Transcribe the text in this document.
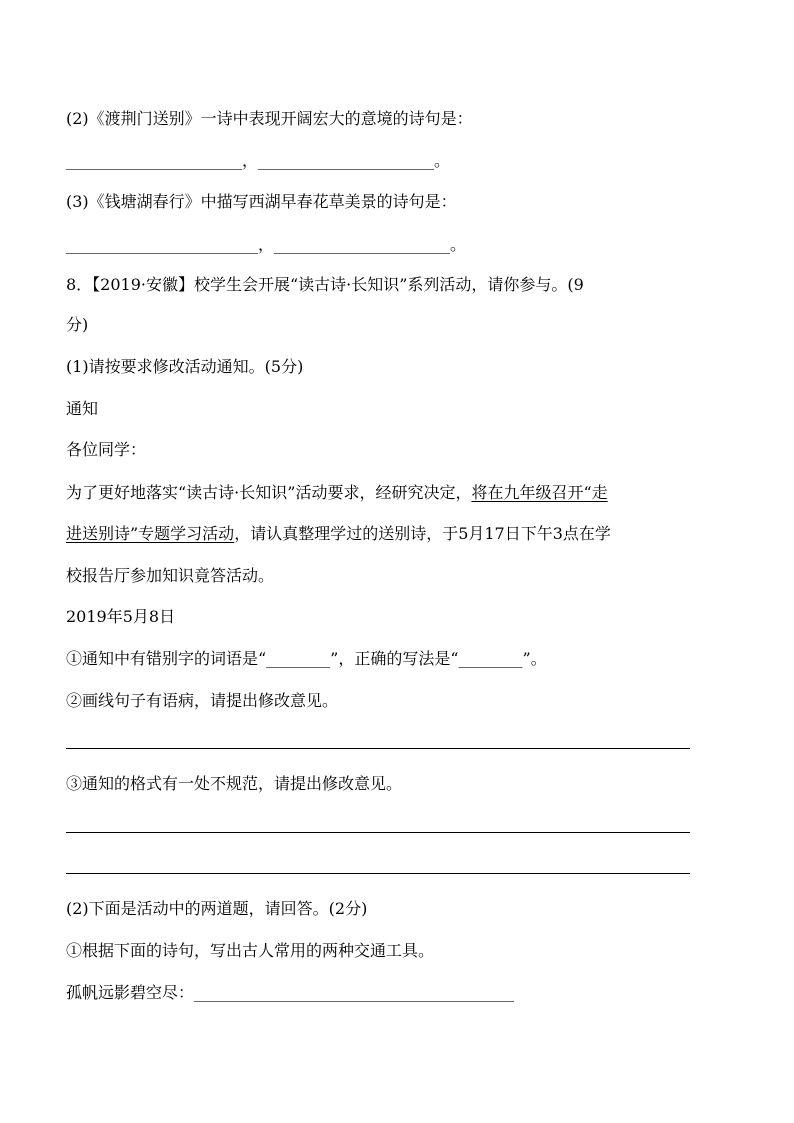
(2)《渡荆门送别》一诗中表现开阔宏大的意境的诗句是：
______________________，______________________。
(3)《钱塘湖春行》中描写西湖早春花草美景的诗句是：
________________________，______________________。
8．【2019·安徽】校学生会开展“读古诗·长知识”系列活动，请你参与。(9
分)
(1)请按要求修改活动通知。(5分)
通知
各位同学：
为了更好地落实“读古诗·长知识”活动要求，经研究决定，将在九年级召开“走
进送别诗”专题学习活动，请认真整理学过的送别诗，于5月17日下午3点在学
校报告厅参加知识竟答活动。
2019年5月8日
①通知中有错别字的词语是“________”，正确的写法是“________”。
②画线句子有语病，请提出修改意见。
③通知的格式有一处不规范，请提出修改意见。
(2)下面是活动中的两道题，请回答。(2分)
①根据下面的诗句，写出古人常用的两种交通工具。
孤帆远影碧空尽：________________________________________
